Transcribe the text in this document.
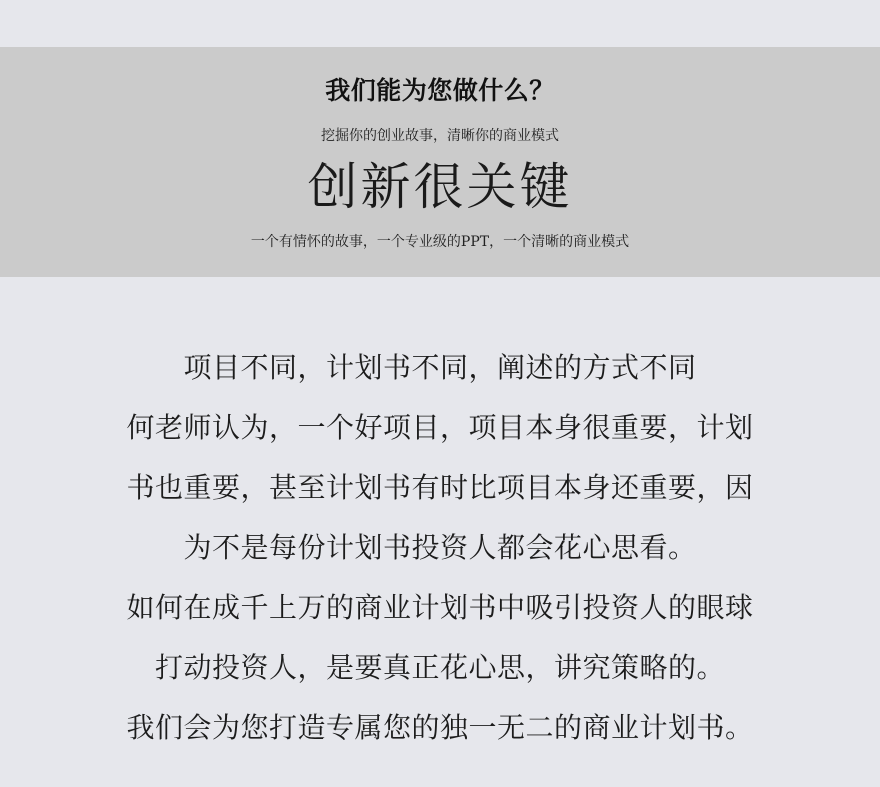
我们能为您做什么？
挖掘你的创业故事，清晰你的商业模式
创新很关键
一个有情怀的故事，一个专业级的PPT，一个清晰的商业模式
项目不同，计划书不同，阐述的方式不同
何老师认为，一个好项目，项目本身很重要，计划
书也重要，甚至计划书有时比项目本身还重要，因
为不是每份计划书投资人都会花心思看。
如何在成千上万的商业计划书中吸引投资人的眼球
打动投资人，是要真正花心思，讲究策略的。
我们会为您打造专属您的独一无二的商业计划书。
